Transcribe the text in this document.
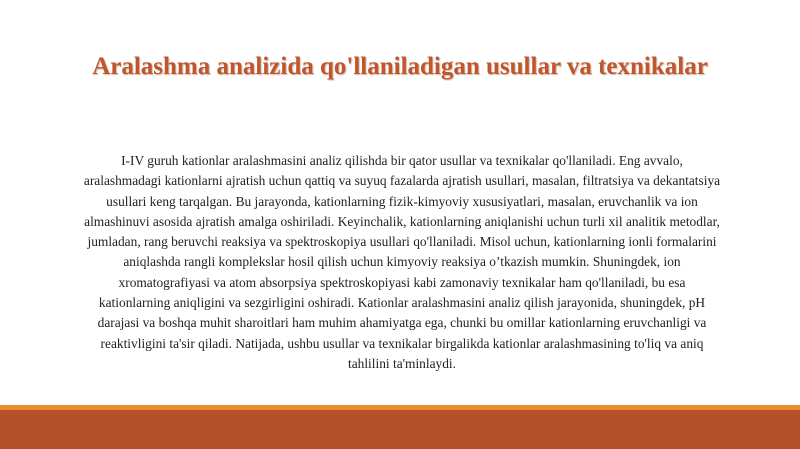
Aralashma analizida qo'llaniladigan usullar va texnikalar

I-IV guruh kationlar aralashmasini analiz qilishda bir qator usullar va texnikalar qo'llaniladi. Eng avvalo, aralashmadagi kationlarni ajratish uchun qattiq va suyuq fazalarda ajratish usullari, masalan, filtratsiya va dekantatsiya usullari keng tarqalgan. Bu jarayonda, kationlarning fizik-kimyoviy xususiyatlari, masalan, eruvchanlik va ion almashinuvi asosida ajratish amalga oshiriladi. Keyinchalik, kationlarning aniqlanishi uchun turli xil analitik metodlar, jumladan, rang beruvchi reaksiya va spektroskopiya usullari qo'llaniladi. Misol uchun, kationlarning ionli formalarini aniqlashda rangli komplekslar hosil qilish uchun kimyoviy reaksiya o’tkazish mumkin. Shuningdek, ion xromatografiyasi va atom absorpsiya spektroskopiyasi kabi zamonaviy texnikalar ham qo'llaniladi, bu esa kationlarning aniqligini va sezgirligini oshiradi. Kationlar aralashmasini analiz qilish jarayonida, shuningdek, pH darajasi va boshqa muhit sharoitlari ham muhim ahamiyatga ega, chunki bu omillar kationlarning eruvchanligi va reaktivligini ta'sir qiladi. Natijada, ushbu usullar va texnikalar birgalikda kationlar aralashmasining to'liq va aniq tahlilini ta'minlaydi.
